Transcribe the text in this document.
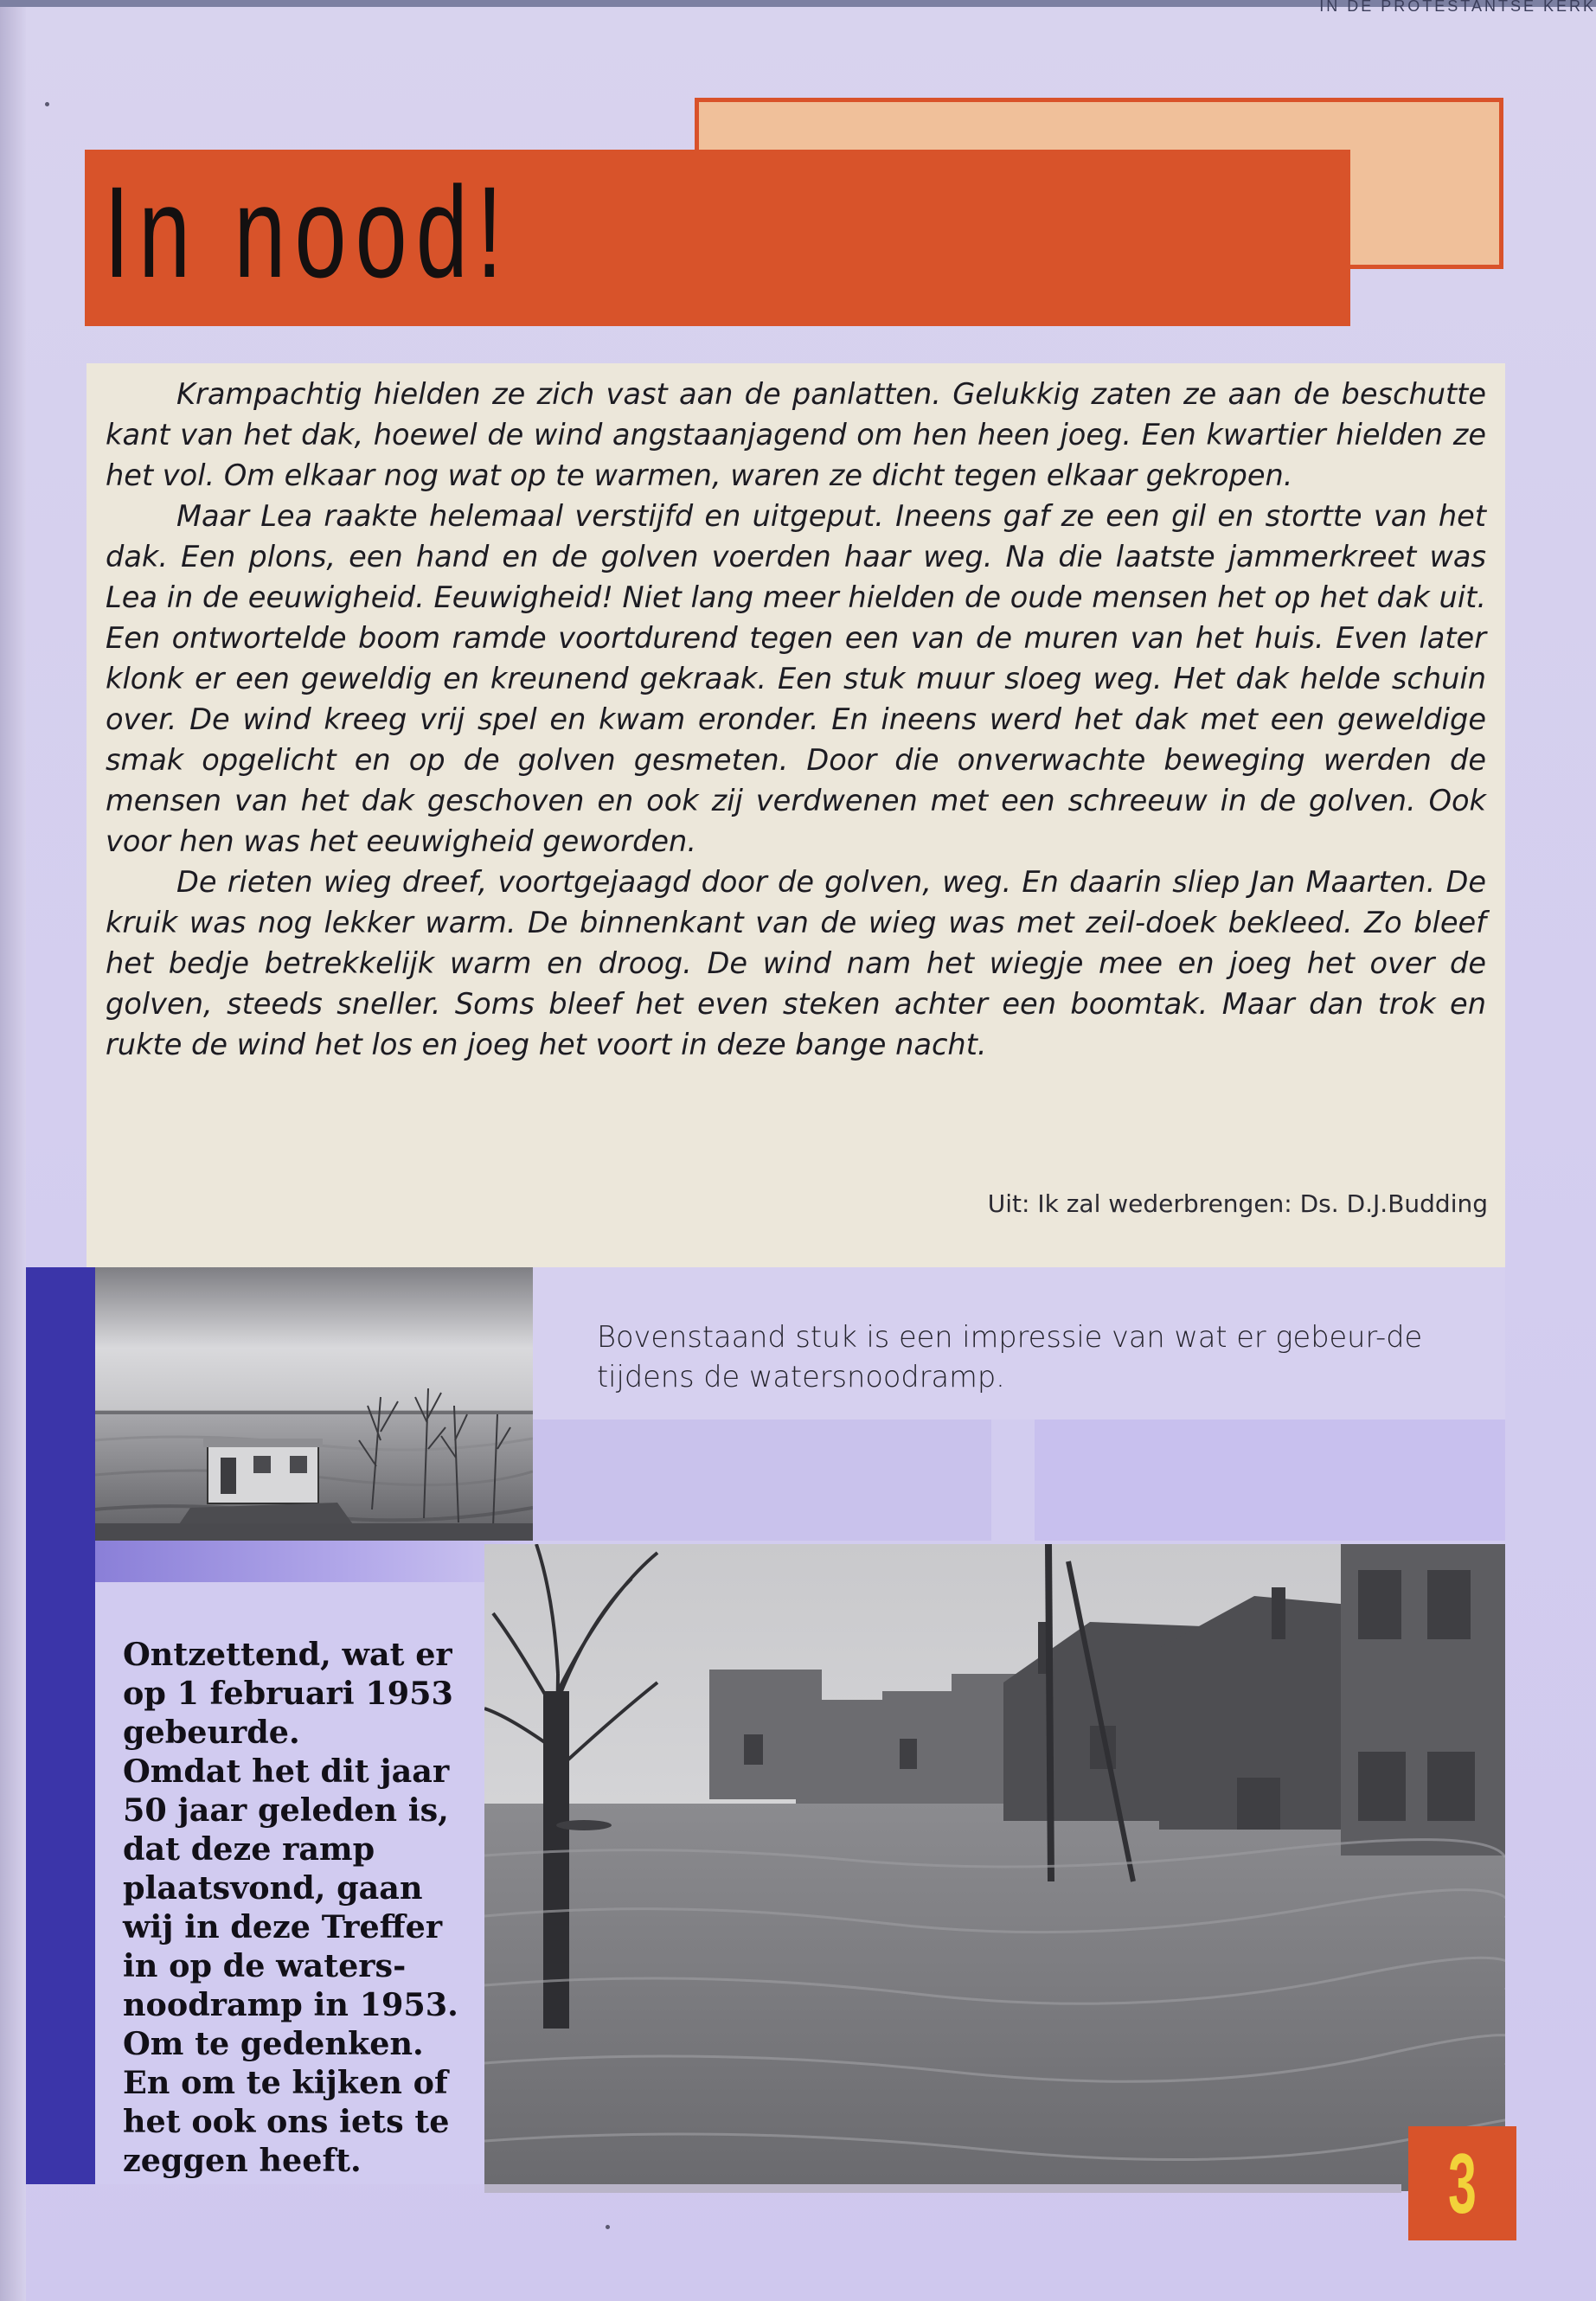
IN DE PROTESTANTSE KERK
In nood!

Krampachtig hielden ze zich vast aan de panlatten. Gelukkig zaten ze aan de beschutte kant van het dak, hoewel de wind angstaanjagend om hen heen joeg. Een kwartier hielden ze het vol. Om elkaar nog wat op te warmen, waren ze dicht tegen elkaar gekropen.

Maar Lea raakte helemaal verstijfd en uitgeput. Ineens gaf ze een gil en stortte van het dak. Een plons, een hand en de golven voerden haar weg. Na die laatste jammerkreet was Lea in de eeuwigheid. Eeuwigheid! Niet lang meer hielden de oude mensen het op het dak uit. Een ontwortelde boom ramde voortdurend tegen een van de muren van het huis. Even later klonk er een geweldig en kreunend gekraak. Een stuk muur sloeg weg. Het dak helde schuin over. De wind kreeg vrij spel en kwam eronder. En ineens werd het dak met een geweldige smak opgelicht en op de golven gesmeten. Door die onverwachte beweging werden de mensen van het dak geschoven en ook zij verdwenen met een schreeuw in de golven. Ook voor hen was het eeuwigheid geworden.

De rieten wieg dreef, voortgejaagd door de golven, weg. En daarin sliep Jan Maarten. De kruik was nog lekker warm. De binnenkant van de wieg was met zeil-doek bekleed. Zo bleef het bedje betrekkelijk warm en droog. De wind nam het wiegje mee en joeg het over de golven, steeds sneller. Soms bleef het even steken achter een boomtak. Maar dan trok en rukte de wind het los en joeg het voort in deze bange nacht.

Uit: Ik zal wederbrengen: Ds. D.J.Budding
Bovenstaand stuk is een impressie van wat er gebeur-de tijdens de watersnoodramp.
Ontzettend, wat er
op 1 februari 1953
gebeurde.
Omdat het dit jaar
50 jaar geleden is,
dat deze ramp
plaatsvond, gaan
wij in deze Treffer
in op de waters-
noodramp in 1953.
Om te gedenken.
En om te kijken of
het ook ons iets te
zeggen heeft.	3
